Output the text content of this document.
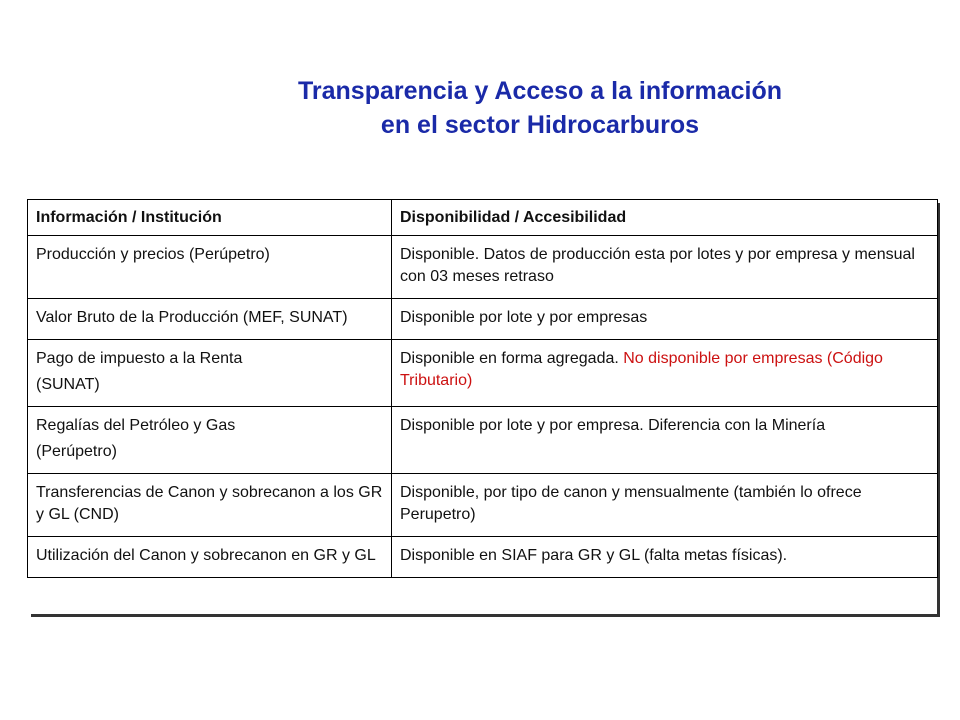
Transparencia y Acceso a la información
en el sector Hidrocarburos
Información / Institución	Disponibilidad / Accesibilidad
Producción y precios (Perúpetro)	Disponible. Datos de producción esta por lotes y por empresa y mensual con 03 meses retraso
Valor Bruto de la Producción (MEF, SUNAT)	Disponible por lote y por empresas
Pago de impuesto a la Renta
(SUNAT)	Disponible en forma agregada. No disponible por empresas (Código Tributario)
Regalías del Petróleo y Gas
(Perúpetro)	Disponible por lote y por empresa. Diferencia con la Minería
Transferencias de Canon y sobrecanon a los GR y GL (CND)	Disponible, por tipo de canon y mensualmente (también lo ofrece Perupetro)
Utilización del Canon y sobrecanon en GR y GL	Disponible en SIAF para GR y GL (falta metas físicas).
